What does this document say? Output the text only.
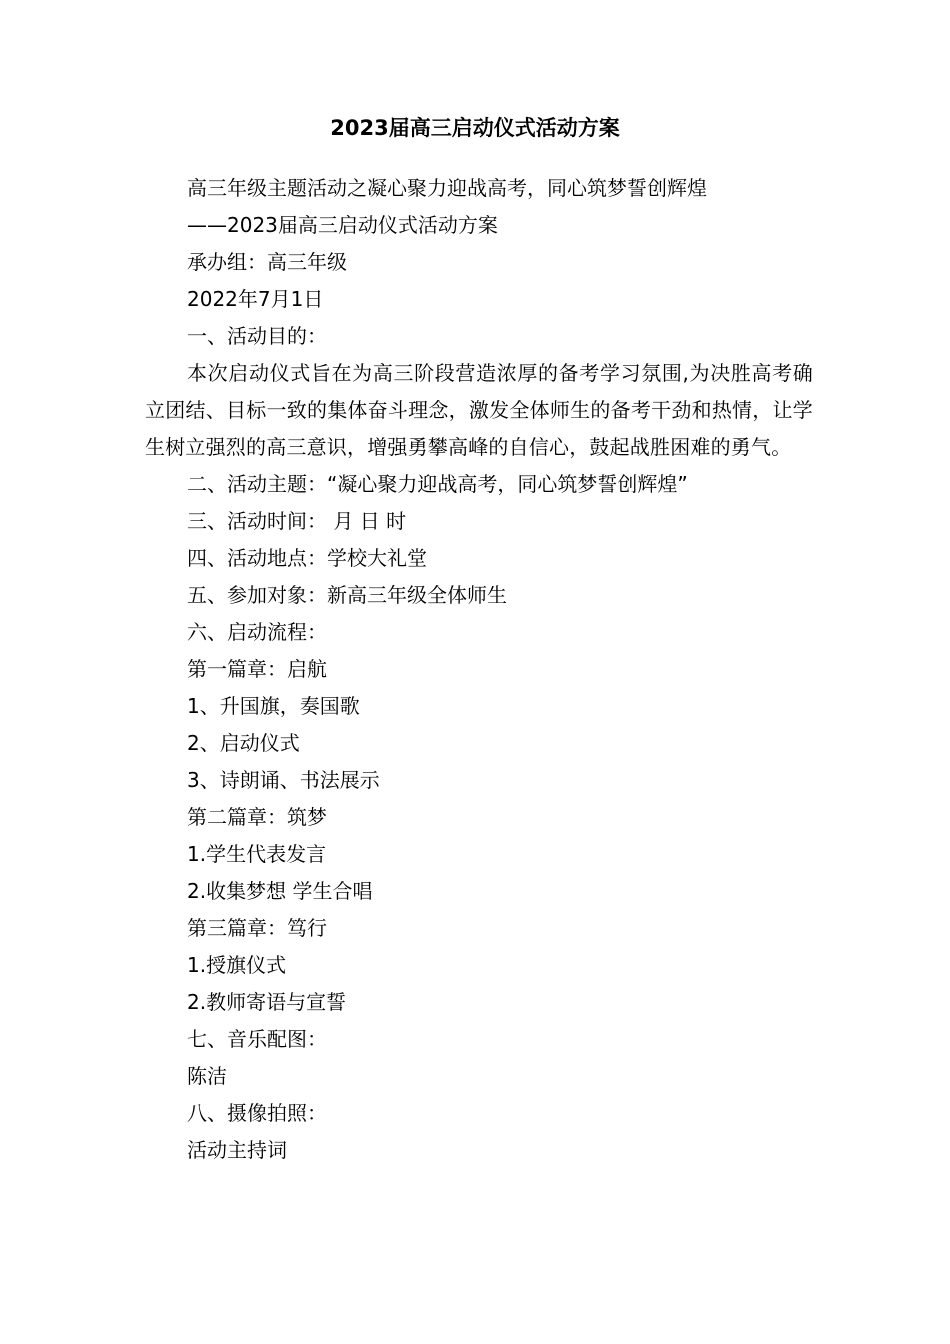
2023届高三启动仪式活动方案
高三年级主题活动之凝心聚力迎战高考，同心筑梦誓创辉煌
——2023届高三启动仪式活动方案
承办组：高三年级
2022年7月1日
一、活动目的：
本次启动仪式旨在为高三阶段营造浓厚的备考学习氛围,为决胜高考确立团结、目标一致的集体奋斗理念，激发全体师生的备考干劲和热情，让学生树立强烈的高三意识，增强勇攀高峰的自信心，鼓起战胜困难的勇气。
二、活动主题：“凝心聚力迎战高考，同心筑梦誓创辉煌”
三、活动时间： 月 日 时
四、活动地点：学校大礼堂
五、参加对象：新高三年级全体师生
六、启动流程：
第一篇章：启航
1、升国旗，奏国歌
2、启动仪式
3、诗朗诵、书法展示
第二篇章：筑梦
1.学生代表发言
2.收集梦想 学生合唱
第三篇章：笃行
1.授旗仪式
2.教师寄语与宣誓
七、音乐配图：
陈洁
八、摄像拍照：
活动主持词
